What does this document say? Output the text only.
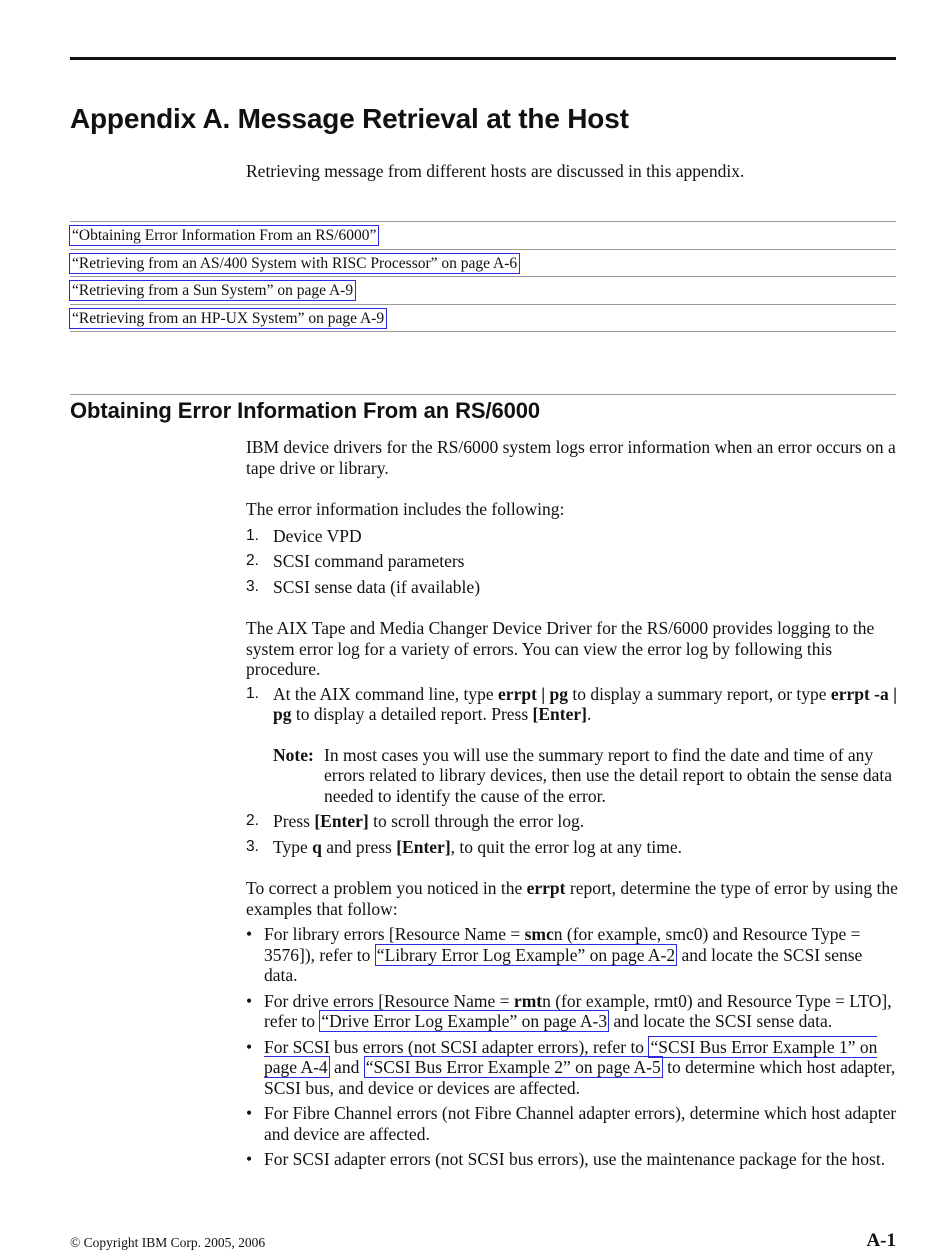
Appendix A. Message Retrieval at the Host

Retrieving message from different hosts are discussed in this appendix.

“Obtaining Error Information From an RS/6000”
“Retrieving from an AS/400 System with RISC Processor” on page A-6
“Retrieving from a Sun System” on page A-9
“Retrieving from an HP-UX System” on page A-9
Obtaining Error Information From an RS/6000

IBM device drivers for the RS/6000 system logs error information when an error occurs on a tape drive or library.

The error information includes the following:

1. Device VPD
2. SCSI command parameters
3. SCSI sense data (if available)

The AIX Tape and Media Changer Device Driver for the RS/6000 provides logging to the system error log for a variety of errors. You can view the error log by following this procedure.

1. At the AIX command line, type errpt | pg to display a summary report, or type errpt -a | pg to display a detailed report. Press [Enter].
Note: In most cases you will use the summary report to find the date and time of any errors related to library devices, then use the detail report to obtain the sense data needed to identify the cause of the error.
2. Press [Enter] to scroll through the error log.
3. Type q and press [Enter], to quit the error log at any time.

To correct a problem you noticed in the errpt report, determine the type of error by using the examples that follow:

• For library errors [Resource Name = smcn (for example, smc0) and Resource Type = 3576]), refer to “Library Error Log Example” on page A-2 and locate the SCSI sense data.
• For drive errors [Resource Name = rmtn (for example, rmt0) and Resource Type = LTO], refer to “Drive Error Log Example” on page A-3 and locate the SCSI sense data.
• For SCSI bus errors (not SCSI adapter errors), refer to “SCSI Bus Error Example 1” on page A-4 and “SCSI Bus Error Example 2” on page A-5 to determine which host adapter, SCSI bus, and device or devices are affected.
• For Fibre Channel errors (not Fibre Channel adapter errors), determine which host adapter and device are affected.
• For SCSI adapter errors (not SCSI bus errors), use the maintenance package for the host.
© Copyright IBM Corp. 2005, 2006	A-1
